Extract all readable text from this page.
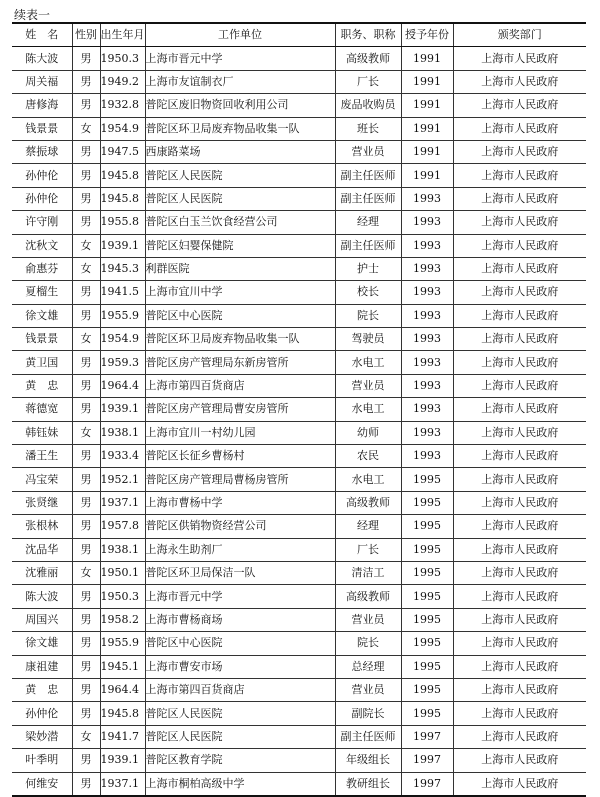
续表一
姓　名	性别	出生年月	工作单位	职务、职称	授予年份	颁奖部门
陈大波	男	1950.3	上海市晋元中学	高级教师	1991	上海市人民政府
周关福	男	1949.2	上海市友谊制衣厂	厂长	1991	上海市人民政府
唐修海	男	1932.8	普陀区废旧物资回收利用公司	废品收购员	1991	上海市人民政府
钱景景	女	1954.9	普陀区环卫局废弃物品收集一队	班长	1991	上海市人民政府
蔡振球	男	1947.5	西康路菜场	营业员	1991	上海市人民政府
孙仲伦	男	1945.8	普陀区人民医院	副主任医师	1991	上海市人民政府
孙仲伦	男	1945.8	普陀区人民医院	副主任医师	1993	上海市人民政府
许守刚	男	1955.8	普陀区白玉兰饮食经营公司	经理	1993	上海市人民政府
沈秋文	女	1939.1	普陀区妇婴保健院	副主任医师	1993	上海市人民政府
俞惠芬	女	1945.3	利群医院	护士	1993	上海市人民政府
夏榴生	男	1941.5	上海市宜川中学	校长	1993	上海市人民政府
徐文雄	男	1955.9	普陀区中心医院	院长	1993	上海市人民政府
钱景景	女	1954.9	普陀区环卫局废弃物品收集一队	驾驶员	1993	上海市人民政府
黄卫国	男	1959.3	普陀区房产管理局东新房管所	水电工	1993	上海市人民政府
黄　忠	男	1964.4	上海市第四百货商店	营业员	1993	上海市人民政府
蒋德宽	男	1939.1	普陀区房产管理局曹安房管所	水电工	1993	上海市人民政府
韩钰妹	女	1938.1	上海市宜川一村幼儿园	幼师	1993	上海市人民政府
潘王生	男	1933.4	普陀区长征乡曹杨村	农民	1993	上海市人民政府
冯宝荣	男	1952.1	普陀区房产管理局曹杨房管所	水电工	1995	上海市人民政府
张贤继	男	1937.1	上海市曹杨中学	高级教师	1995	上海市人民政府
张根林	男	1957.8	普陀区供销物资经营公司	经理	1995	上海市人民政府
沈品华	男	1938.1	上海永生助剂厂	厂长	1995	上海市人民政府
沈雅丽	女	1950.1	普陀区环卫局保洁一队	清洁工	1995	上海市人民政府
陈大波	男	1950.3	上海市晋元中学	高级教师	1995	上海市人民政府
周国兴	男	1958.2	上海市曹杨商场	营业员	1995	上海市人民政府
徐文雄	男	1955.9	普陀区中心医院	院长	1995	上海市人民政府
康祖建	男	1945.1	上海市曹安市场	总经理	1995	上海市人民政府
黄　忠	男	1964.4	上海市第四百货商店	营业员	1995	上海市人民政府
孙仲伦	男	1945.8	普陀区人民医院	副院长	1995	上海市人民政府
梁妙潜	女	1941.7	普陀区人民医院	副主任医师	1997	上海市人民政府
叶季明	男	1939.1	普陀区教育学院	年级组长	1997	上海市人民政府
何维安	男	1937.1	上海市桐柏高级中学	教研组长	1997	上海市人民政府
